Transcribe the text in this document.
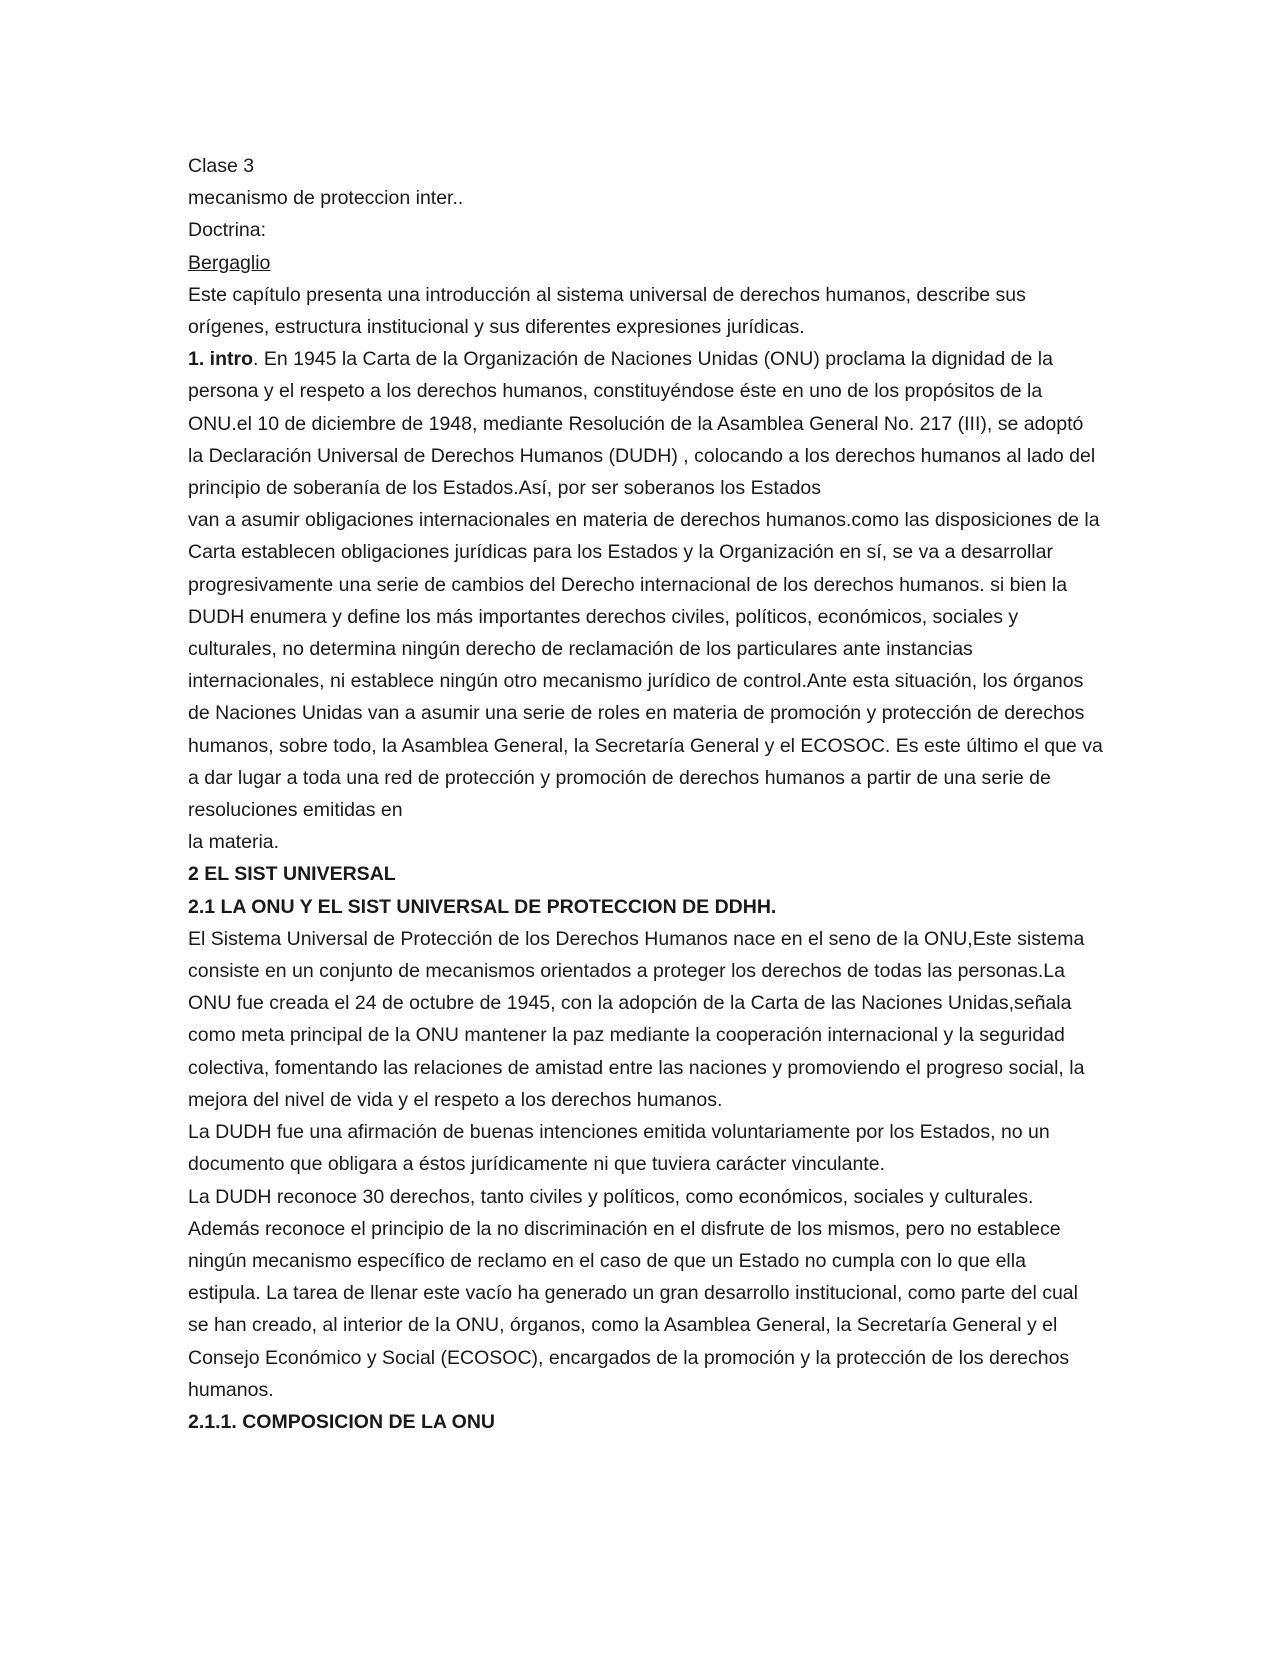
Clase 3

mecanismo de proteccion inter..

Doctrina:

Bergaglio

Este capítulo presenta una introducción al sistema universal de derechos humanos, describe sus orígenes, estructura institucional y sus diferentes expresiones jurídicas.

1. intro. En 1945 la Carta de la Organización de Naciones Unidas (ONU) proclama la dignidad de la persona y el respeto a los derechos humanos, constituyéndose éste en uno de los propósitos de la ONU.el 10 de diciembre de 1948, mediante Resolución de la Asamblea General No. 217 (III), se adoptó la Declaración Universal de Derechos Humanos (DUDH) , colocando a los derechos humanos al lado del principio de soberanía de los Estados.Así, por ser soberanos los Estados

van a asumir obligaciones internacionales en materia de derechos humanos.como las disposiciones de la Carta establecen obligaciones jurídicas para los Estados y la Organización en sí, se va a desarrollar progresivamente una serie de cambios del Derecho internacional de los derechos humanos. si bien la DUDH enumera y define los más importantes derechos civiles, políticos, económicos, sociales y culturales, no determina ningún derecho de reclamación de los particulares ante instancias internacionales, ni establece ningún otro mecanismo jurídico de control.Ante esta situación, los órganos de Naciones Unidas van a asumir una serie de roles en materia de promoción y protección de derechos humanos, sobre todo, la Asamblea General, la Secretaría General y el ECOSOC. Es este último el que va a dar lugar a toda una red de protección y promoción de derechos humanos a partir de una serie de resoluciones emitidas en

la materia.

2 EL SIST UNIVERSAL

2.1 LA ONU Y EL SIST UNIVERSAL DE PROTECCION DE DDHH.

El Sistema Universal de Protección de los Derechos Humanos nace en el seno de la ONU,Este sistema consiste en un conjunto de mecanismos orientados a proteger los derechos de todas las personas.La ONU fue creada el 24 de octubre de 1945, con la adopción de la Carta de las Naciones Unidas,señala como meta principal de la ONU mantener la paz mediante la cooperación internacional y la seguridad colectiva, fomentando las relaciones de amistad entre las naciones y promoviendo el progreso social, la mejora del nivel de vida y el respeto a los derechos humanos.

La DUDH fue una afirmación de buenas intenciones emitida voluntariamente por los Estados, no un documento que obligara a éstos jurídicamente ni que tuviera carácter vinculante.

La DUDH reconoce 30 derechos, tanto civiles y políticos, como económicos, sociales y culturales. Además reconoce el principio de la no discriminación en el disfrute de los mismos, pero no establece ningún mecanismo específico de reclamo en el caso de que un Estado no cumpla con lo que ella estipula. La tarea de llenar este vacío ha generado un gran desarrollo institucional, como parte del cual se han creado, al interior de la ONU, órganos, como la Asamblea General, la Secretaría General y el Consejo Económico y Social (ECOSOC), encargados de la promoción y la protección de los derechos humanos.

2.1.1. COMPOSICION DE LA ONU
